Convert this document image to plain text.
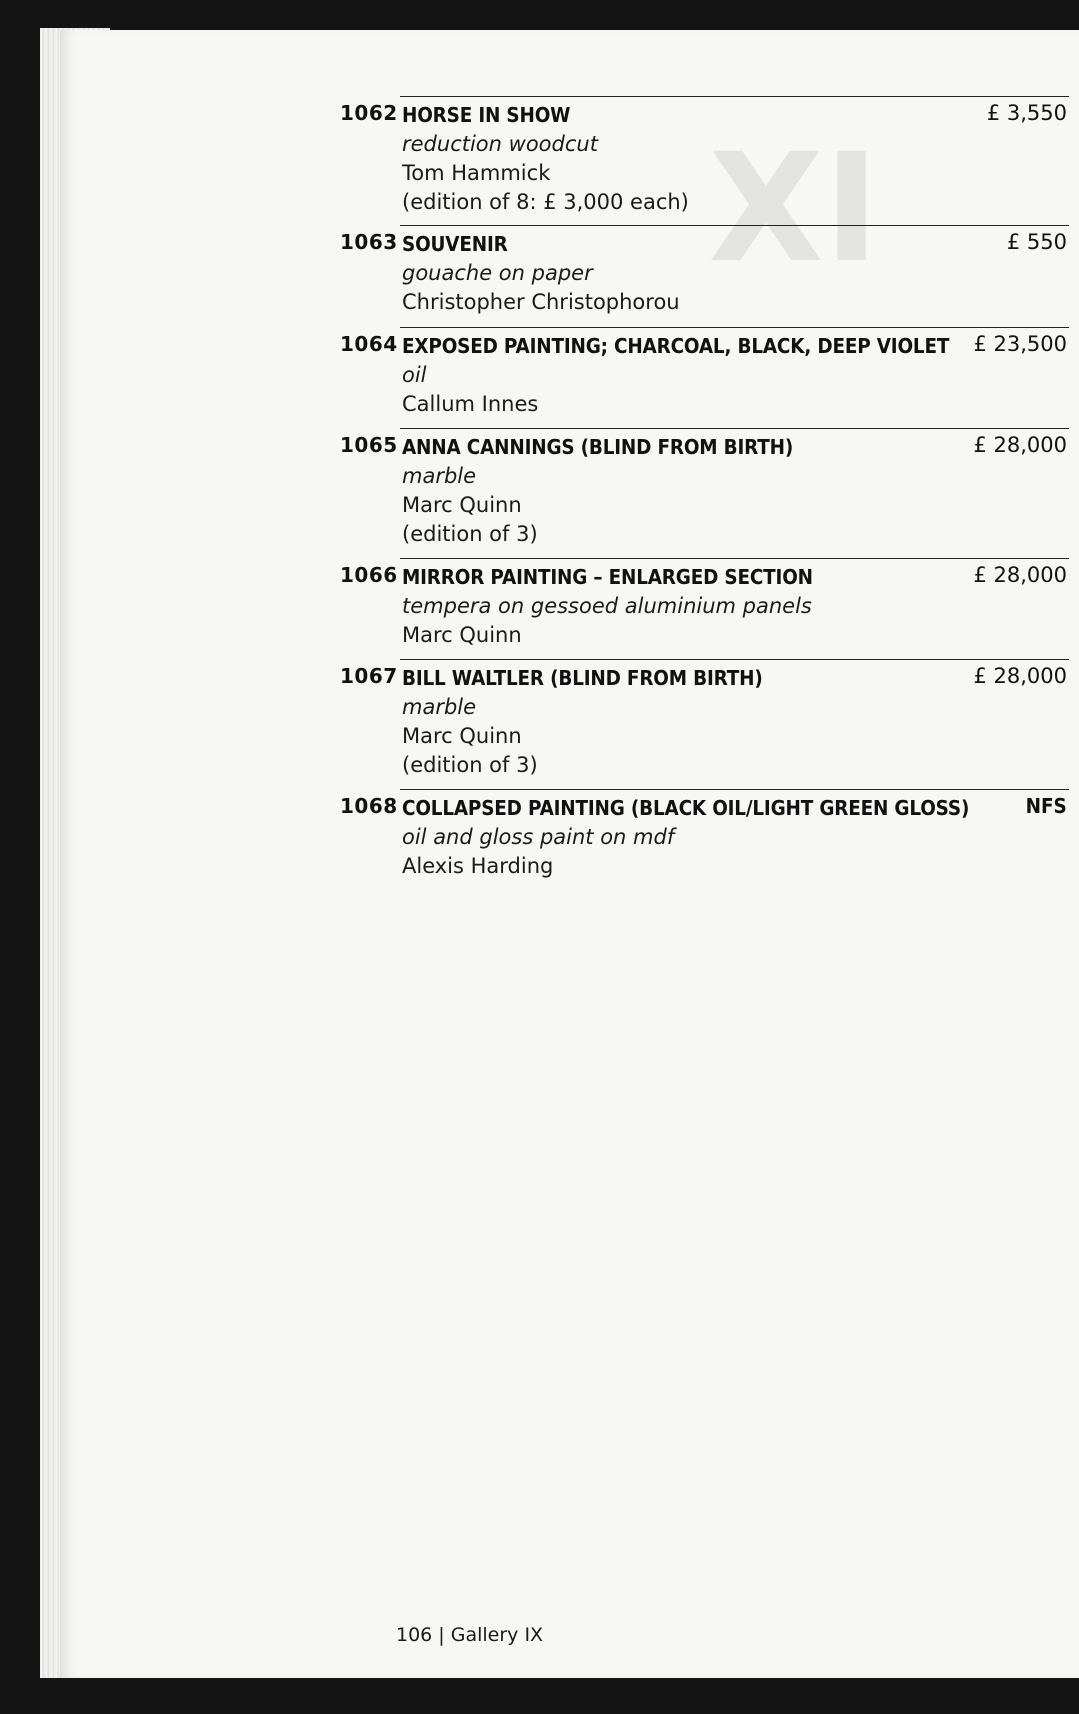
IX
1062 HORSE IN SHOW
reduction woodcut
Tom Hammick
(edition of 8: £ 3,000 each)
£ 3,550
1063 SOUVENIR
gouache on paper
Christopher Christophorou
£ 550
1064 EXPOSED PAINTING; CHARCOAL, BLACK, DEEP VIOLET
oil
Callum Innes
£ 23,500
1065 ANNA CANNINGS (BLIND FROM BIRTH)
marble
Marc Quinn
(edition of 3)
£ 28,000
1066 MIRROR PAINTING – ENLARGED SECTION
tempera on gessoed aluminium panels
Marc Quinn
£ 28,000
1067 BILL WALTLER (BLIND FROM BIRTH)
marble
Marc Quinn
(edition of 3)
£ 28,000
1068 COLLAPSED PAINTING (BLACK OIL/LIGHT GREEN GLOSS)
oil and gloss paint on mdf
Alexis Harding
NFS
106 | Gallery IX
